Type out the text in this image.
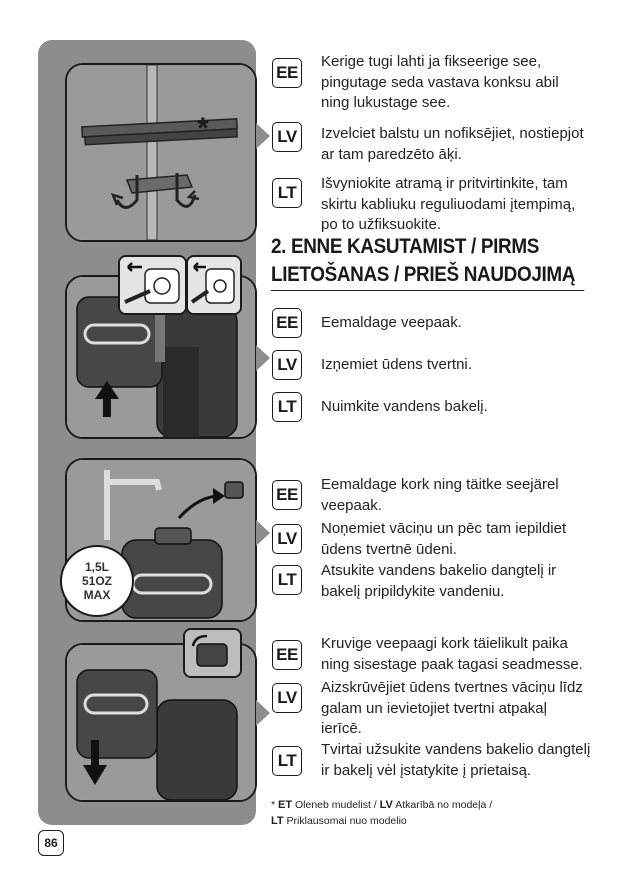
*
1,5L
51OZ
MAX
EE
Kerige tugi lahti ja fikseerige see, pingutage seda vastava konksu abil ning lukustage see.
LV	Izvelciet balstu un nofiksējiet, nostiepjot ar tam paredzēto āķi.
LT	Išvyniokite atramą ir pritvirtinkite, tam skirtu kabliuku reguliuodami įtempimą, po to užfiksuokite.
2. ENNE KASUTAMIST / PIRMS
LIETOŠANAS / PRIEŠ NAUDOJIMĄ
EE Eemaldage veepaak.
LV	Izņemiet ūdens tvertni.
LT	Nuimkite vandens bakelį.
EE
Eemaldage kork ning täitke seejärel veepaak.
LV
Noņemiet vāciņu un pēc tam iepildiet ūdens tvertnē ūdeni.
LT	Atsukite vandens bakelio dangtelį ir bakelį pripildykite vandeniu.
EE
Kruvige veepaagi kork täielikult paika ning sisestage paak tagasi seadmesse.
LV
Aizskrūvējiet ūdens tvertnes vāciņu līdz galam un ievietojiet tvertni atpakaļ ierīcē.
LT
Tvirtai užsukite vandens bakelio dangtelį ir bakelį vėl įstatykite į prietaisą.
* ET Oleneb mudelist / LV Atkarībā no modeļa /
LT Priklausomai nuo modelio
86
